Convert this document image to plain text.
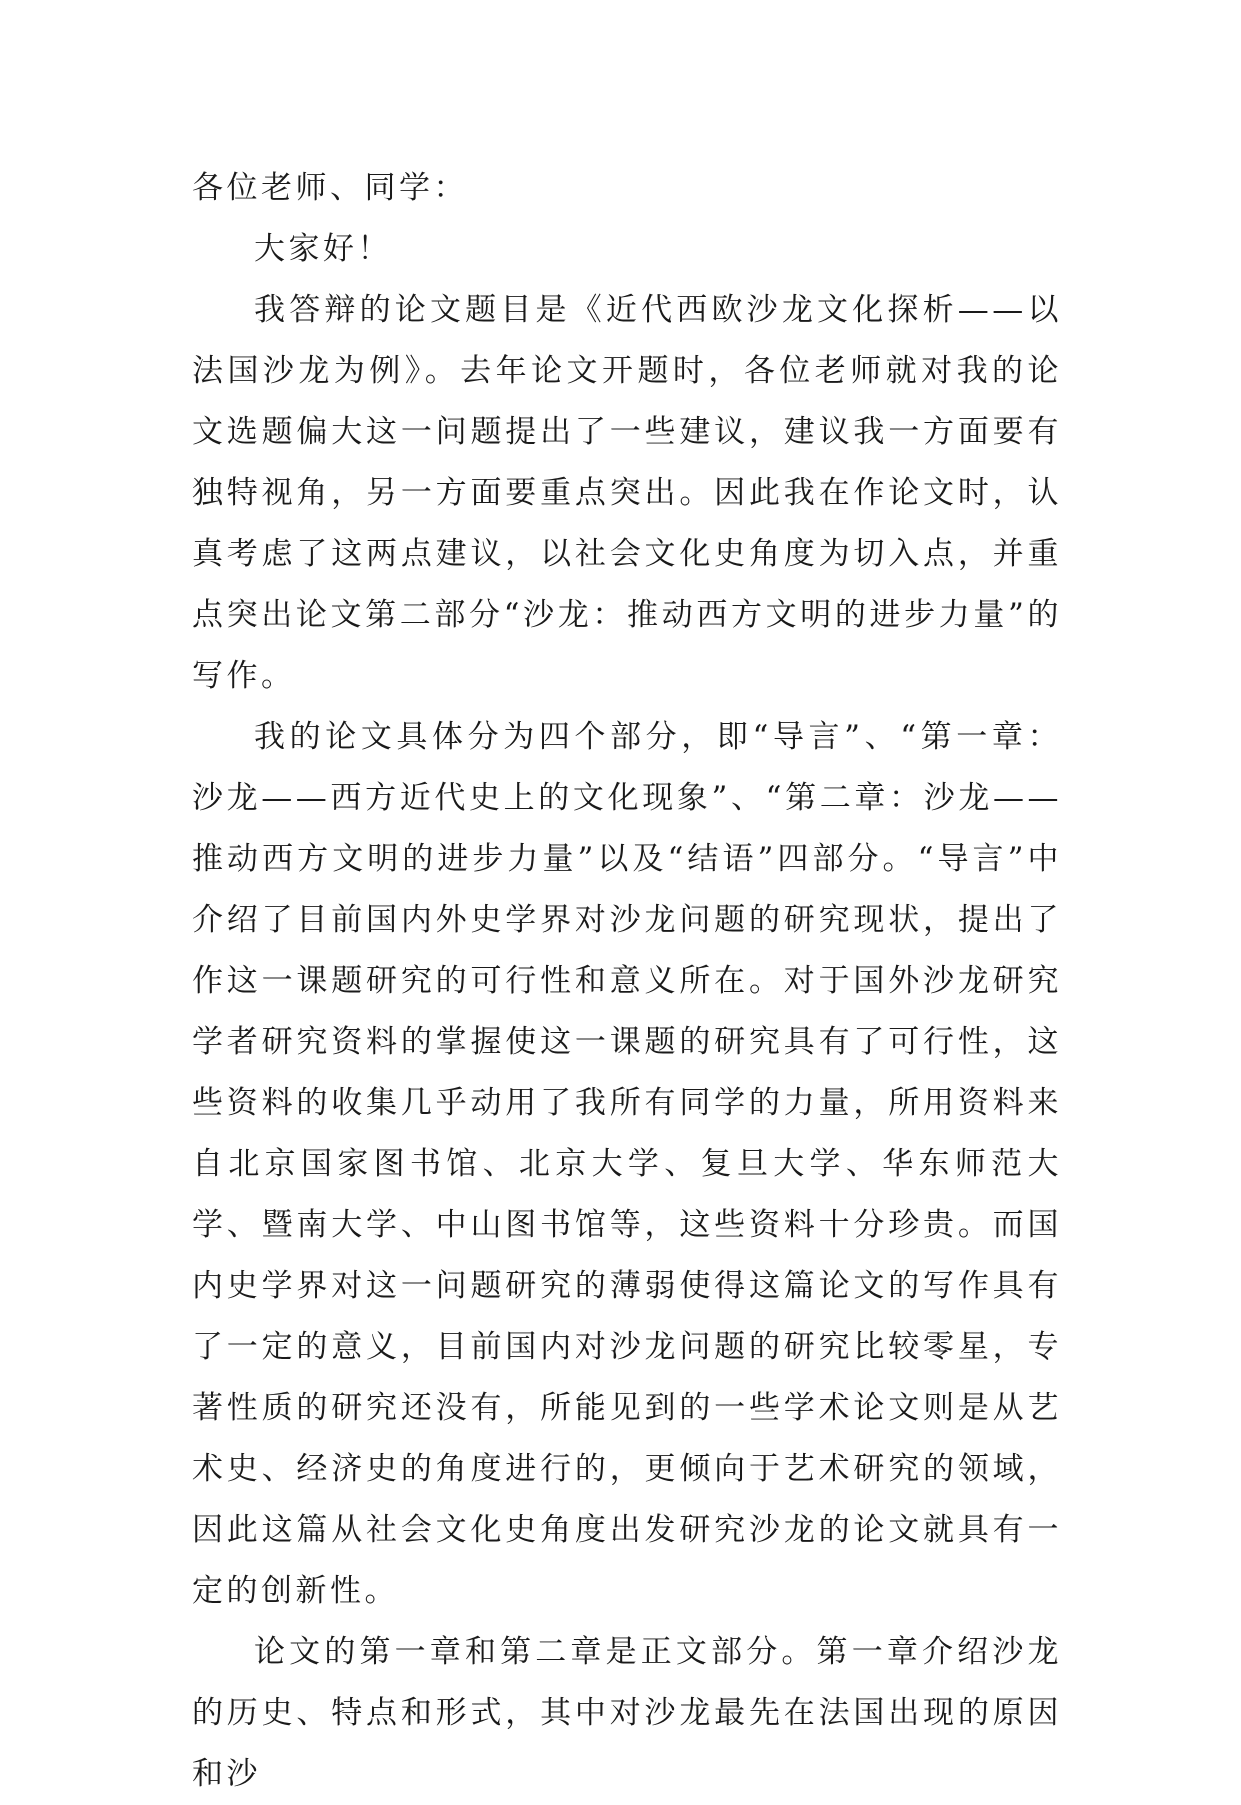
各位老师、同学：

大家好！

我答辩的论文题目是《近代西欧沙龙文化探析——以法国沙龙为例》。去年论文开题时，各位老师就对我的论文选题偏大这一问题提出了一些建议，建议我一方面要有独特视角，另一方面要重点突出。因此我在作论文时，认真考虑了这两点建议，以社会文化史角度为切入点，并重点突出论文第二部分“沙龙：推动西方文明的进步力量”的写作。

我的论文具体分为四个部分，即“导言”、“第一章：沙龙——西方近代史上的文化现象”、“第二章：沙龙——推动西方文明的进步力量”以及“结语”四部分。“导言”中介绍了目前国内外史学界对沙龙问题的研究现状，提出了作这一课题研究的可行性和意义所在。对于国外沙龙研究学者研究资料的掌握使这一课题的研究具有了可行性，这些资料的收集几乎动用了我所有同学的力量，所用资料来自北京国家图书馆、北京大学、复旦大学、华东师范大学、暨南大学、中山图书馆等，这些资料十分珍贵。而国内史学界对这一问题研究的薄弱使得这篇论文的写作具有了一定的意义，目前国内对沙龙问题的研究比较零星，专著性质的研究还没有，所能见到的一些学术论文则是从艺术史、经济史的角度进行的，更倾向于艺术研究的领域，因此这篇从社会文化史角度出发研究沙龙的论文就具有一定的创新性。

论文的第一章和第二章是正文部分。第一章介绍沙龙的历史、特点和形式，其中对沙龙最先在法国出现的原因和沙
